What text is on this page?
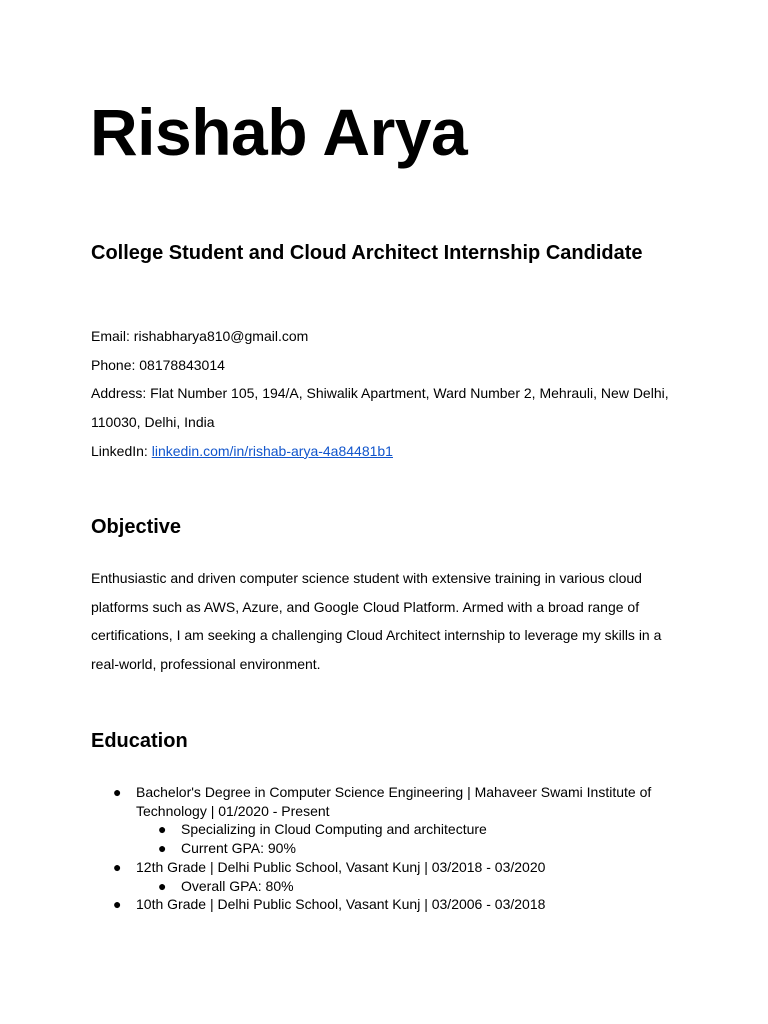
Rishab Arya
College Student and Cloud Architect Internship Candidate
Email: rishabharya810@gmail.com
Phone: 08178843014
Address: Flat Number 105, 194/A, Shiwalik Apartment, Ward Number 2, Mehrauli, New Delhi, 110030, Delhi, India
LinkedIn: linkedin.com/in/rishab-arya-4a84481b1
Objective

Enthusiastic and driven computer science student with extensive training in various cloud platforms such as AWS, Azure, and Google Cloud Platform. Armed with a broad range of certifications, I am seeking a challenging Cloud Architect internship to leverage my skills in a real-world, professional environment.

Education
● Bachelor's Degree in Computer Science Engineering | Mahaveer Swami Institute of Technology | 01/2020 - Present
● Specializing in Cloud Computing and architecture
● Current GPA: 90%
● 12th Grade | Delhi Public School, Vasant Kunj | 03/2018 - 03/2020
● Overall GPA: 80%
● 10th Grade | Delhi Public School, Vasant Kunj | 03/2006 - 03/2018
